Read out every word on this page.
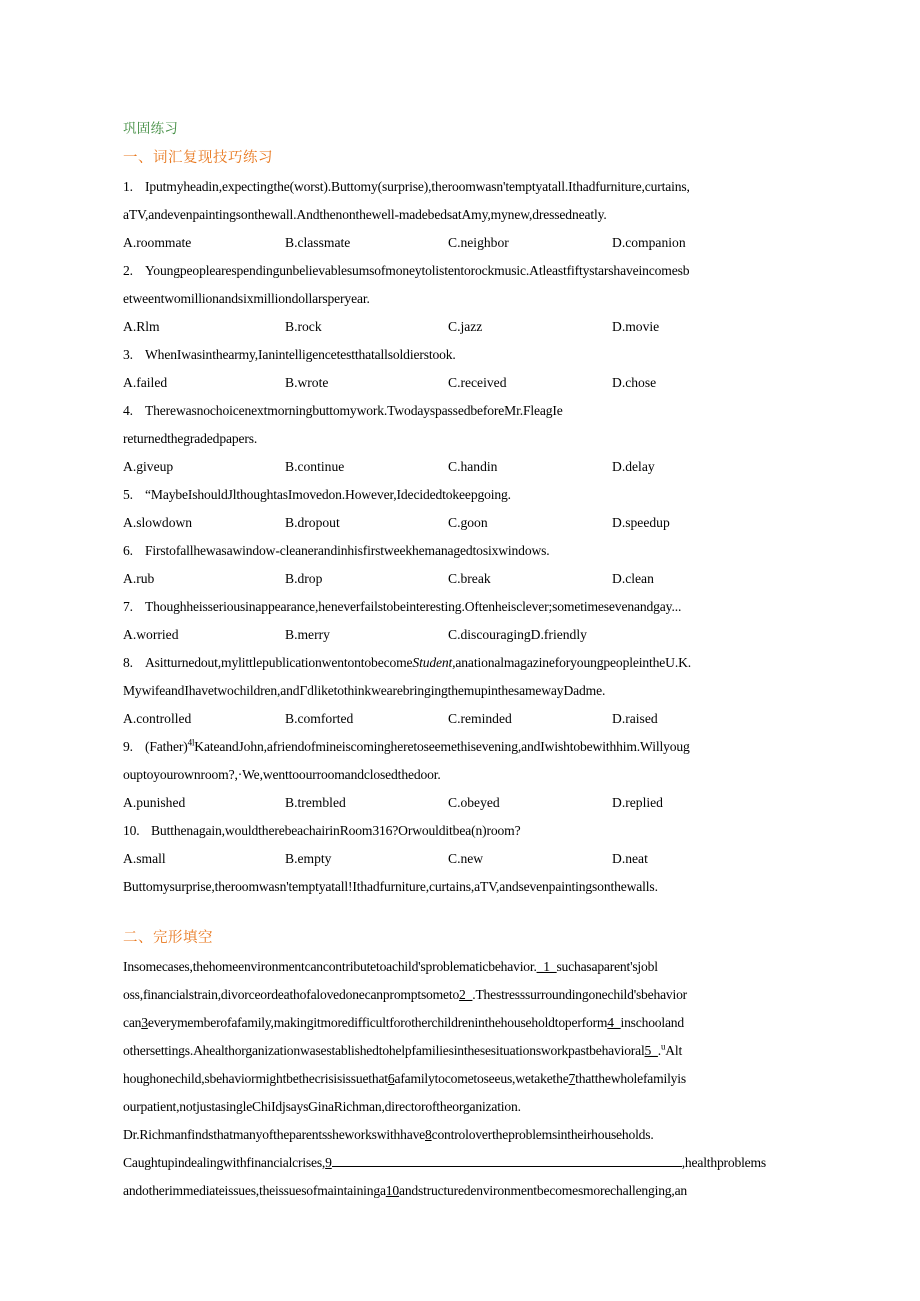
巩固练习
一、词汇复现技巧练习
1. Iputmyheadin,expectingthe(worst).Buttomy(surprise),theroomwasn'temptyatall.Ithadfurniture,curtains,
aTV,andevenpaintingsonthewall.Andthenonthewell-madebedsatAmy,mynew,dressedneatly.
A.roommate	B.classmate	C.neighbor	D.companion
2. Youngpeoplearespendingunbelievablesumsofmoneytolistentorockmusic.Atleastfiftystarshaveincomesb
etweentwomillionandsixmilliondollarsperyear.
A.Rlm	B.rock	C.jazz	D.movie
3. WhenIwasinthearmy,Ianintelligencetestthatallsoldierstook.
A.failed	B.wrote	C.received	D.chose
4. Therewasnochoicenextmorningbuttomywork.TwodayspassedbeforeMr.FleagIe
returnedthegradedpapers.
A.giveup	B.continue	C.handin	D.delay
5. “MaybeIshouldJlthoughtasImovedon.However,Idecidedtokeepgoing.
A.slowdown	B.dropout	C.goon	D.speedup
6. Firstofallhewasawindow-cleanerandinhisfirstweekhemanagedtosixwindows.
A.rub	B.drop	C.break	D.clean
7. Thoughheisseriousinappearance,heneverfailstobeinteresting.Oftenheisclever;sometimesevenandgay...
A.worried	B.merry	C.discouragingD.friendly
8. Asitturnedout,mylittlepublicationwentontobecomeStudent,anationalmagazineforyoungpeopleintheU.K.
MywifeandIhavetwochildren,andΓdliketothinkwearebringingthemupinthesamewayDadme.
A.controlled	B.comforted	C.reminded	D.raised
9. (Father)$^{4l}$KateandJohn,afriendofmineiscomingheretoseemethisevening,andIwishtobewithhim.Willyoug
ouptoyourownroom?,·We,wenttoourroomandclosedthedoor.
A.punished	B.trembled	C.obeyed	D.replied
10. Butthenagain,wouldtherebeachairinRoom316?Orwoulditbea(n)room?
A.small	B.empty	C.new	D.neat
Buttomysurprise,theroomwasn'temptyatall!Ithadfurniture,curtains,aTV,andsevenpaintingsonthewalls.
二、完形填空
Insomecases,thehomeenvironmentcancontributetoachild'sproblematicbehavior._1_suchasaparent'sjobl
oss,financialstrain,divorceordeathofalovedonecanpromptsometo2_.Thestresssurroundingonechild'sbehavior
can3everymemberofafamily,makingitmoredifficultforotherchildreninthehouseholdtoperform4_inschooland
othersettings.Ahealthorganizationwasestablishedtohelpfamiliesinthesesituationsworkpastbehavioral5_.$^u$Alt
houghonechild,sbehaviormightbethecrisisissuethat6afamilytocometoseeus,wetakethe7thatthewholefamilyis
ourpatient,notjustasingleChiIdjsaysGinaRichman,directoroftheorganization.
Dr.Richmanfindsthatmanyoftheparentssheworkswithhave8controlovertheproblemsintheirhouseholds.
Caughtupindealingwithfinancialcrises,9	,healthproblems
andotherimmediateissues,theissuesofmaintaininga10andstructuredenvironmentbecomesmorechallenging,an
